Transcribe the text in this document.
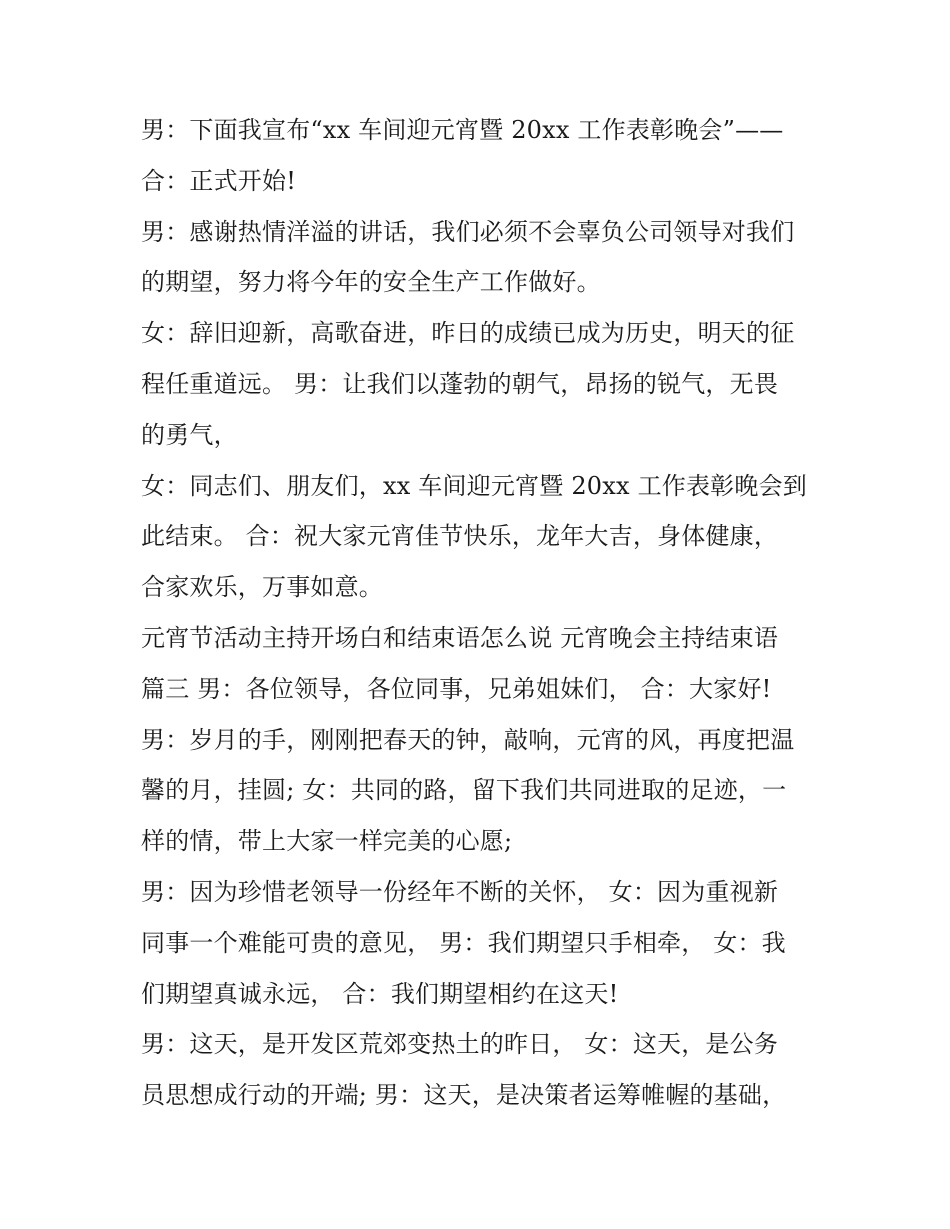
男：下面我宣布“xx 车间迎元宵暨 20xx 工作表彰晚会”——
合：正式开始!
男：感谢热情洋溢的讲话，我们必须不会辜负公司领导对我们
的期望，努力将今年的安全生产工作做好。
女：辞旧迎新，高歌奋进，昨日的成绩已成为历史，明天的征
程任重道远。 男：让我们以蓬勃的朝气，昂扬的锐气，无畏
的勇气，
女：同志们、朋友们，xx 车间迎元宵暨 20xx 工作表彰晚会到
此结束。 合：祝大家元宵佳节快乐，龙年大吉，身体健康，
合家欢乐，万事如意。
元宵节活动主持开场白和结束语怎么说 元宵晚会主持结束语
篇三 男：各位领导，各位同事，兄弟姐妹们， 合：大家好!
男：岁月的手，刚刚把春天的钟，敲响，元宵的风，再度把温
馨的月，挂圆; 女：共同的路，留下我们共同进取的足迹，一
样的情，带上大家一样完美的心愿;
男：因为珍惜老领导一份经年不断的关怀， 女：因为重视新
同事一个难能可贵的意见， 男：我们期望只手相牵， 女：我
们期望真诚永远， 合：我们期望相约在这天!
男：这天，是开发区荒郊变热土的昨日， 女：这天，是公务
员思想成行动的开端; 男：这天，是决策者运筹帷幄的基础，
